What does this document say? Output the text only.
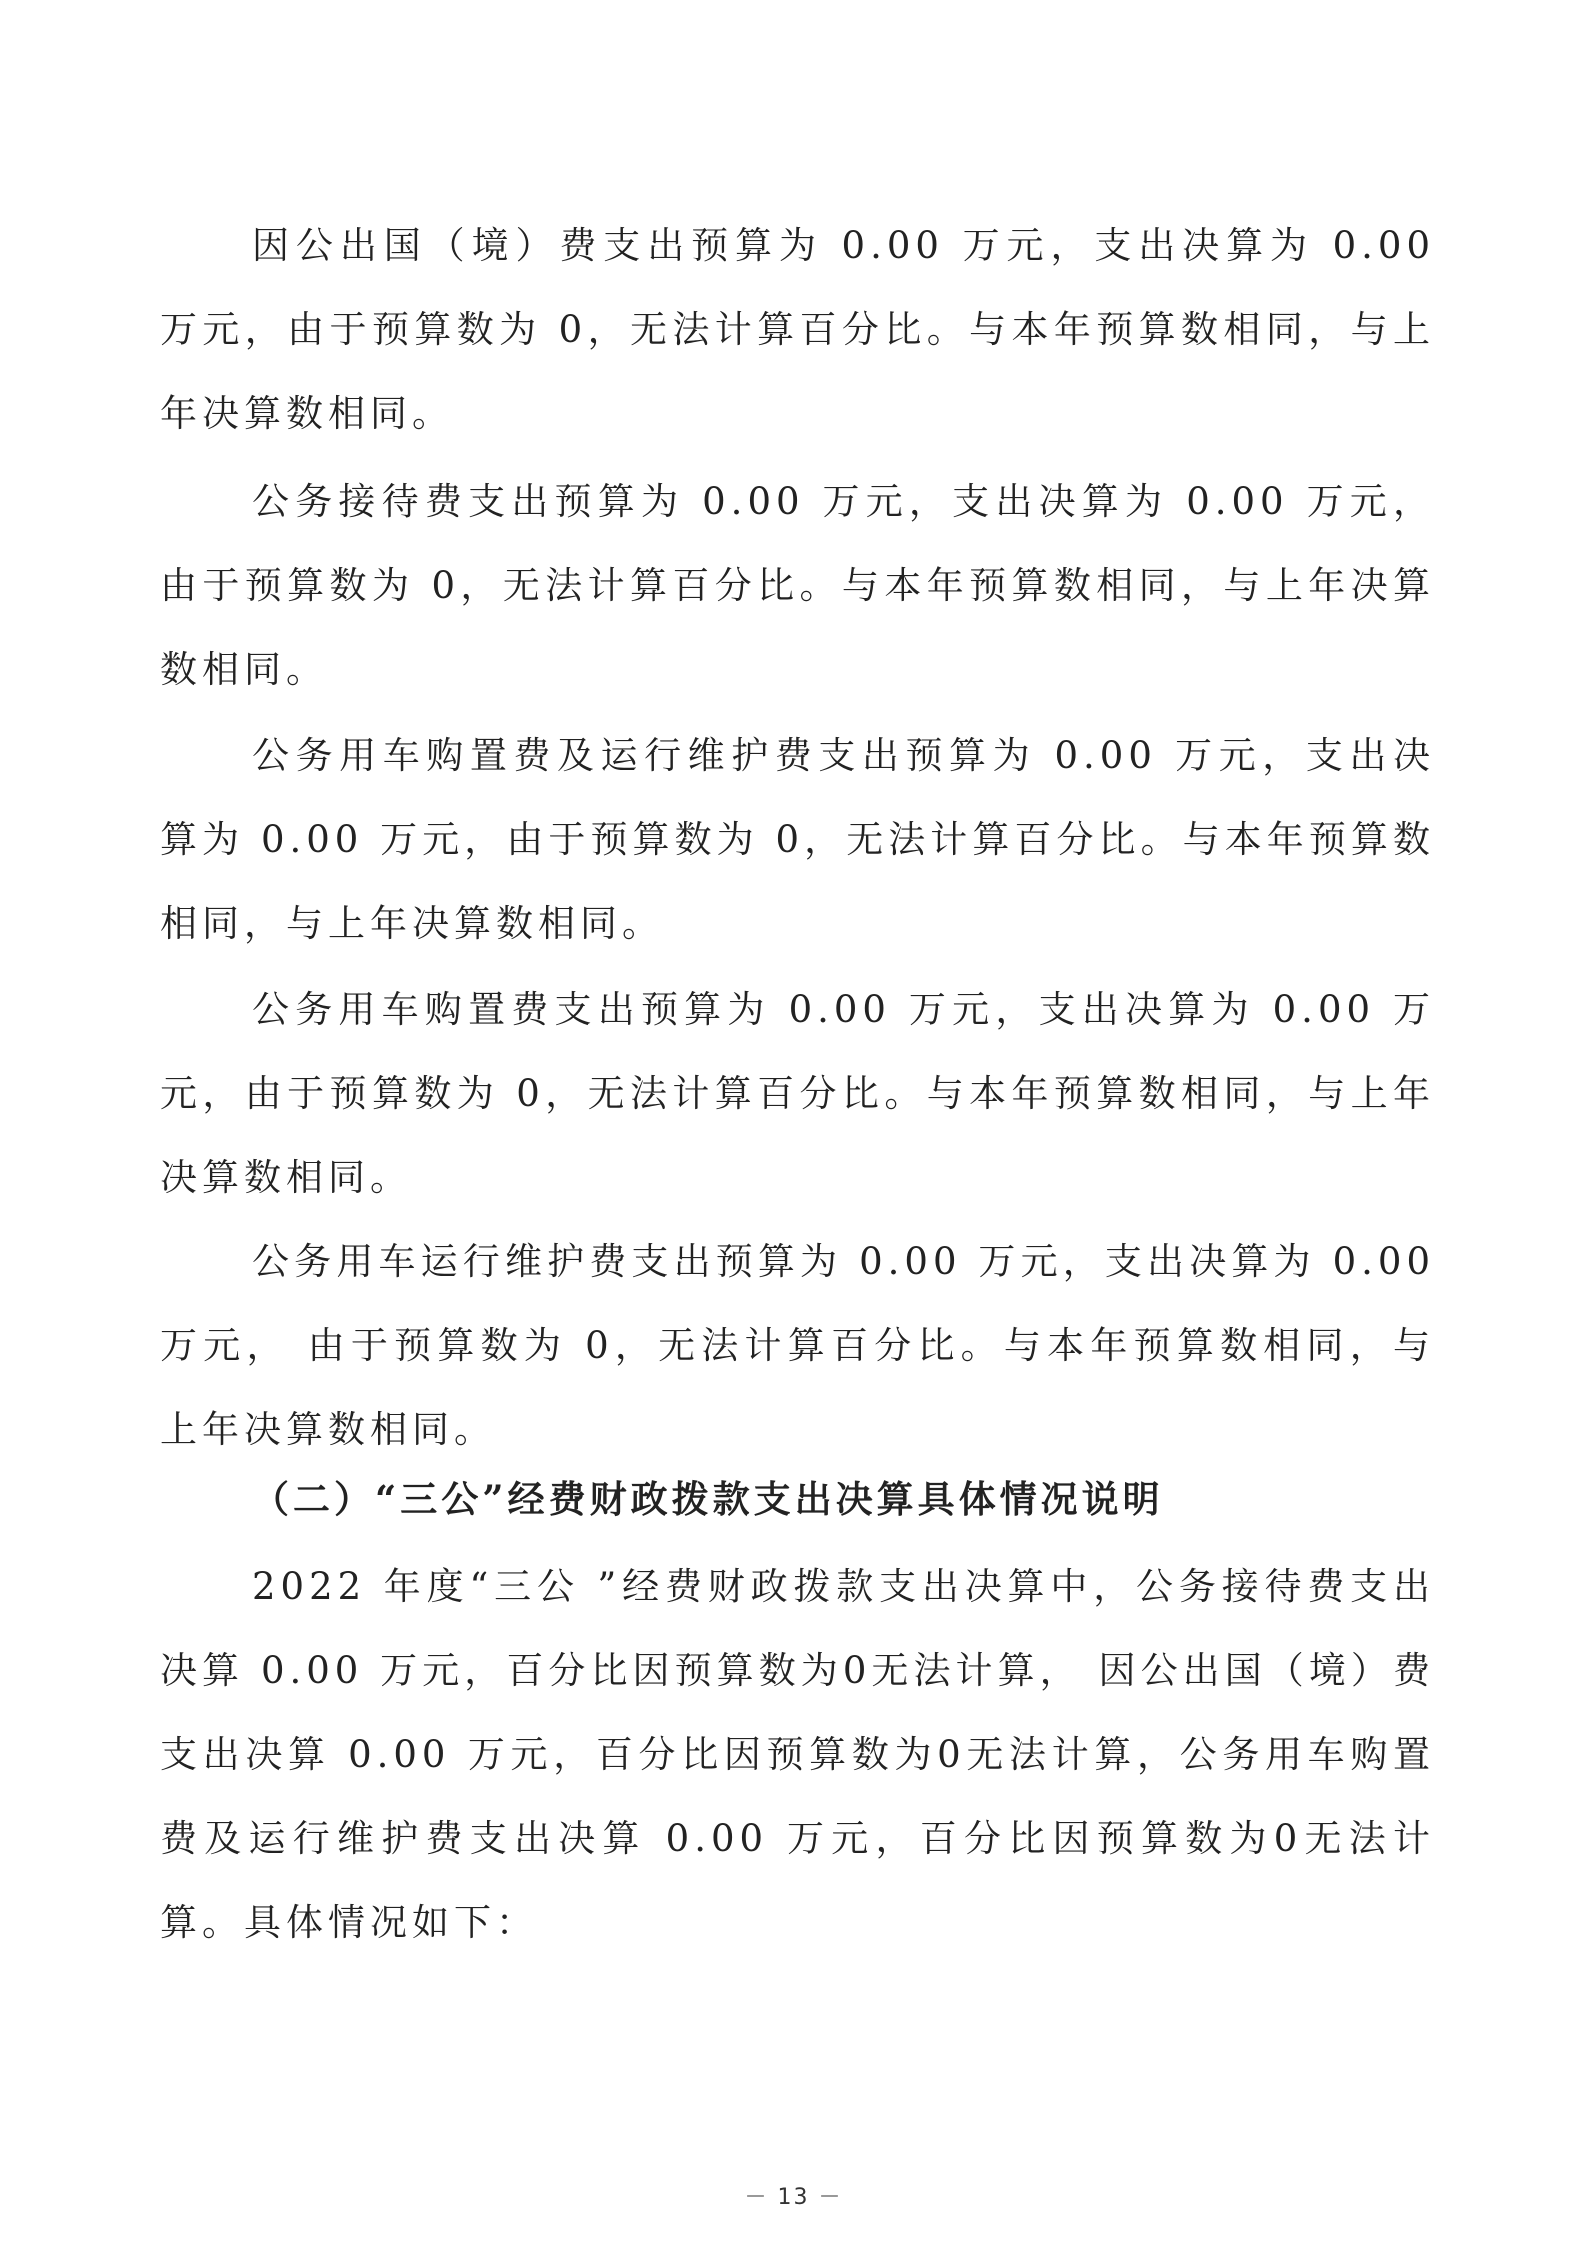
因公出国（境）费支出预算为 0.00 万元，支出决算为 0.00 万元，由于预算数为 0，无法计算百分比。与本年预算数相同，与上年决算数相同。

公务接待费支出预算为 0.00 万元，支出决算为 0.00 万元， 由于预算数为 0，无法计算百分比。与本年预算数相同，与上年决算数相同。

公务用车购置费及运行维护费支出预算为 0.00 万元，支出决算为 0.00 万元，由于预算数为 0，无法计算百分比。与本年预算数相同，与上年决算数相同。

公务用车购置费支出预算为 0.00 万元，支出决算为 0.00 万元，由于预算数为 0，无法计算百分比。与本年预算数相同，与上年决算数相同。

公务用车运行维护费支出预算为 0.00 万元，支出决算为 0.00 万元， 由于预算数为 0，无法计算百分比。与本年预算数相同，与上年决算数相同。

（二）“三公”经费财政拨款支出决算具体情况说明

2022 年度“三公 ”经费财政拨款支出决算中，公务接待费支出决算 0.00 万元，百分比因预算数为0无法计算， 因公出国（境）费支出决算 0.00 万元，百分比因预算数为0无法计算，公务用车购置费及运行维护费支出决算 0.00 万元，百分比因预算数为0无法计算。具体情况如下：

－ 13 －
